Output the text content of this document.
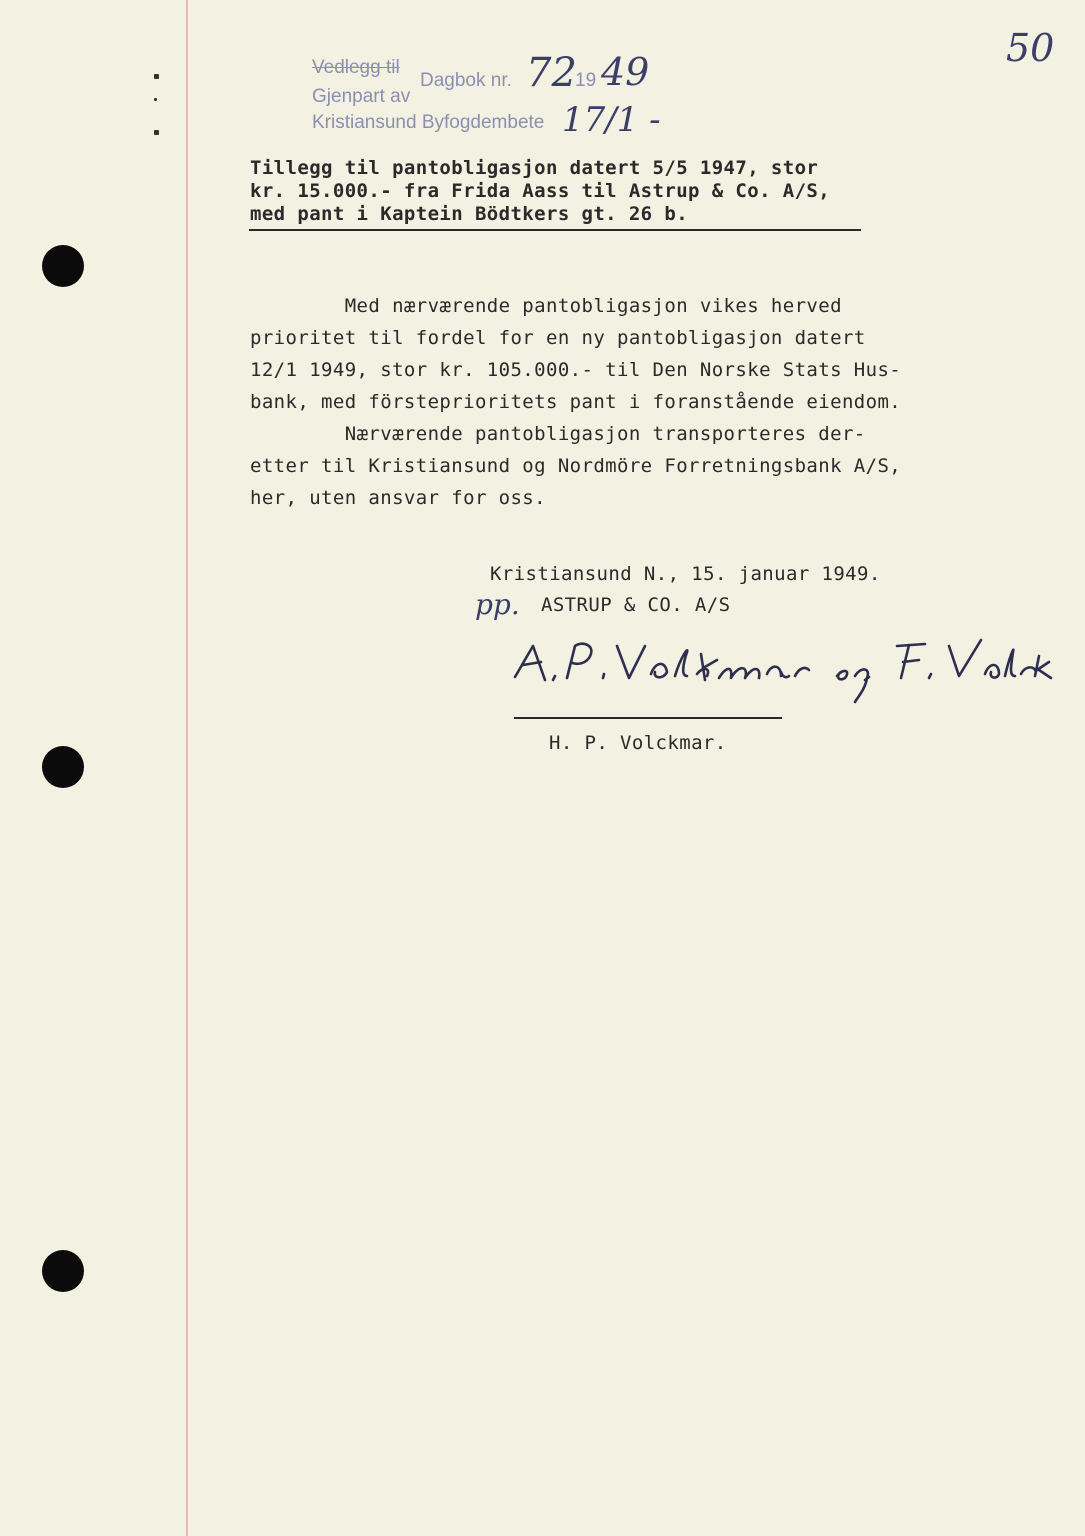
50
Vedlegg til
Dagbok nr. 72
19 49
Gjenpart av
Kristiansund Byfogdembete 17/1 -
Tillegg til pantobligasjon datert 5/5 1947, stor
kr. 15.000.- fra Frida Aass til Astrup & Co. A/S,
med pant i Kaptein Bödtkers gt. 26 b.
Med nærværende pantobligasjon vikes herved
prioritet til fordel for en ny pantobligasjon datert
12/1 1949, stor kr. 105.000.- til Den Norske Stats Hus-
bank, med försteprioritets pant i foranstående eiendom.
Nærværende pantobligasjon transporteres der-
etter til Kristiansund og Nordmöre Forretningsbank A/S,
her, uten ansvar for oss.
Kristiansund N., 15. januar 1949.
pp. ASTRUP & CO. A/S
H. P. Volckmar.
